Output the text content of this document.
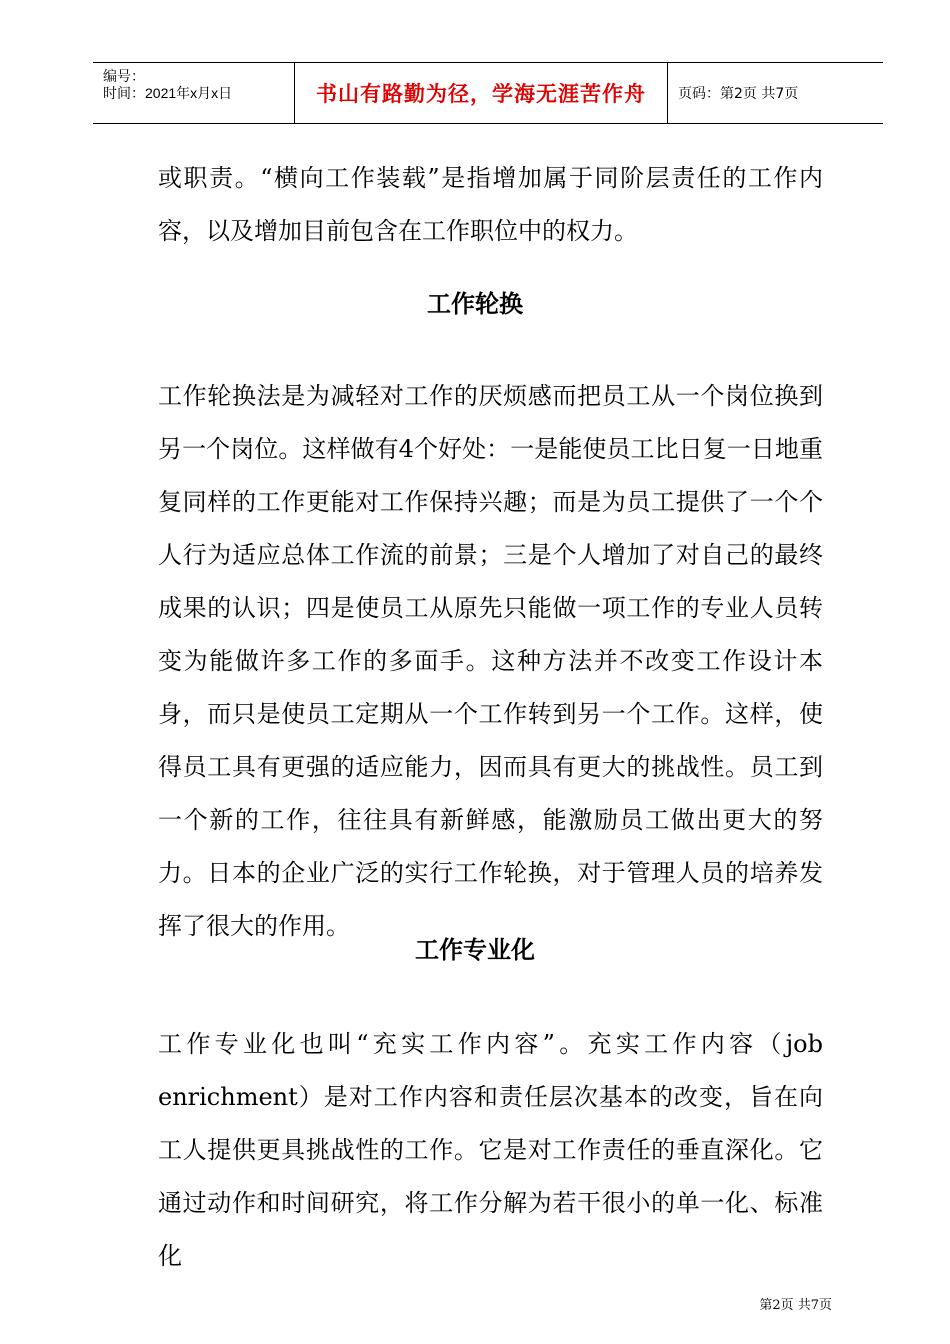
编号：
时间：2021年x月x日	书山有路勤为径，学海无涯苦作舟	页码：第2页 共7页

或职责。“横向工作装载”是指增加属于同阶层责任的工作内容，以及增加目前包含在工作职位中的权力。

工作轮换

工作轮换法是为减轻对工作的厌烦感而把员工从一个岗位换到另一个岗位。这样做有4个好处：一是能使员工比日复一日地重复同样的工作更能对工作保持兴趣；而是为员工提供了一个个人行为适应总体工作流的前景；三是个人增加了对自己的最终成果的认识；四是使员工从原先只能做一项工作的专业人员转变为能做许多工作的多面手。这种方法并不改变工作设计本身，而只是使员工定期从一个工作转到另一个工作。这样，使得员工具有更强的适应能力，因而具有更大的挑战性。员工到一个新的工作，往往具有新鲜感，能激励员工做出更大的努力。日本的企业广泛的实行工作轮换，对于管理人员的培养发挥了很大的作用。

工作专业化

工作专业化也叫“充实工作内容”。充实工作内容（job enrichment）是对工作内容和责任层次基本的改变，旨在向工人提供更具挑战性的工作。它是对工作责任的垂直深化。它通过动作和时间研究，将工作分解为若干很小的单一化、标准化

第2页 共7页
